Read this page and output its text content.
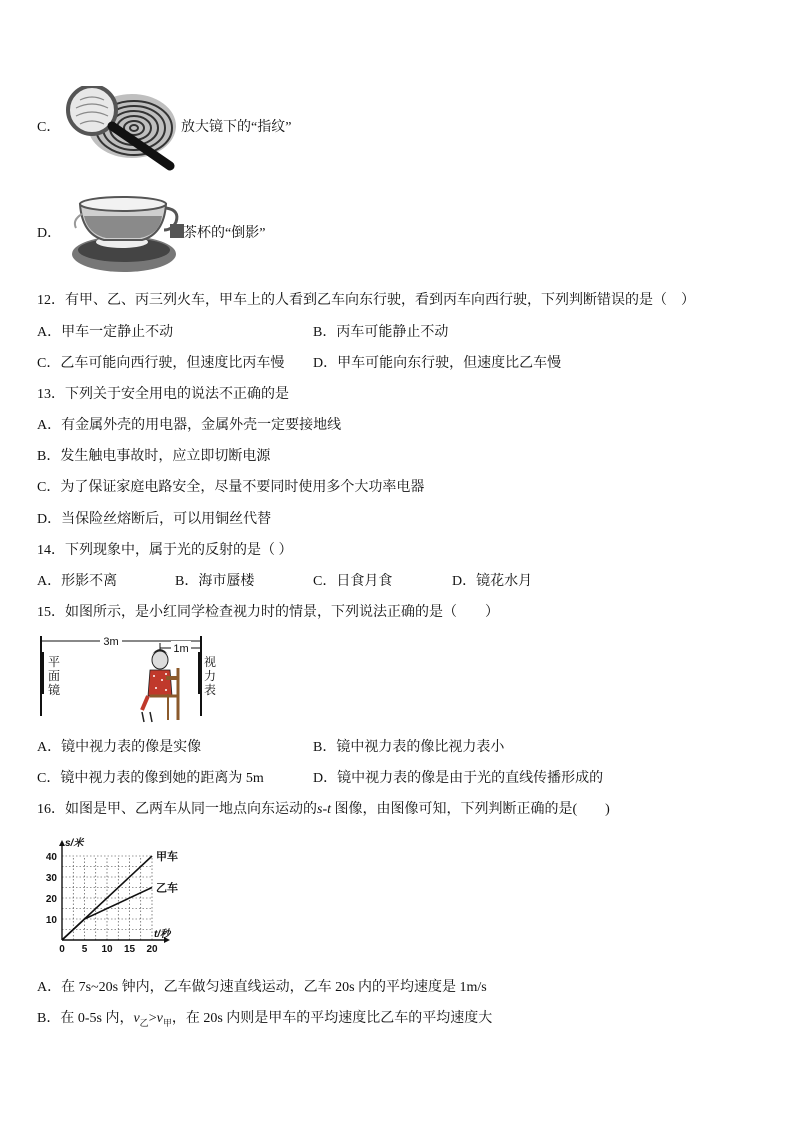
C．	放大镜下的“指纹”
D．	茶杯的“倒影”
12．有甲、乙、丙三列火车，甲车上的人看到乙车向东行驶，看到丙车向西行驶，下列判断错误的是（　）
A．甲车一定静止不动	B．丙车可能静止不动
C．乙车可能向西行驶，但速度比丙车慢 D．甲车可能向东行驶，但速度比乙车慢
13．下列关于安全用电的说法不正确的是
A．有金属外壳的用电器，金属外壳一定要接地线
B．发生触电事故时，应立即切断电源
C．为了保证家庭电路安全，尽量不要同时使用多个大功率电器
D．当保险丝熔断后，可以用铜丝代替
14．下列现象中，属于光的反射的是（ ）
A．形影不离	B．海市蜃楼	C．日食月食	D．镜花水月
15．如图所示，是小红同学检查视力时的情景，下列说法正确的是（　　）
3m
1m
平面镜
视力表
A．镜中视力表的像是实像	B．镜中视力表的像比视力表小
C．镜中视力表的像到她的距离为 5m	D．镜中视力表的像是由于光的直线传播形成的
16．如图是甲、乙两车从同一地点向东运动的s-t 图像，由图像可知，下列判断正确的是(　　)
0 5 10 15 20
10
20
30
40
s/米
t/秒
甲车
乙车
A．在 7s~20s 钟内，乙车做匀速直线运动，乙车 20s 内的平均速度是 1m/s
B．在 0-5s 内，$v_乙>v_甲$，在 20s 内则是甲车的平均速度比乙车的平均速度大
